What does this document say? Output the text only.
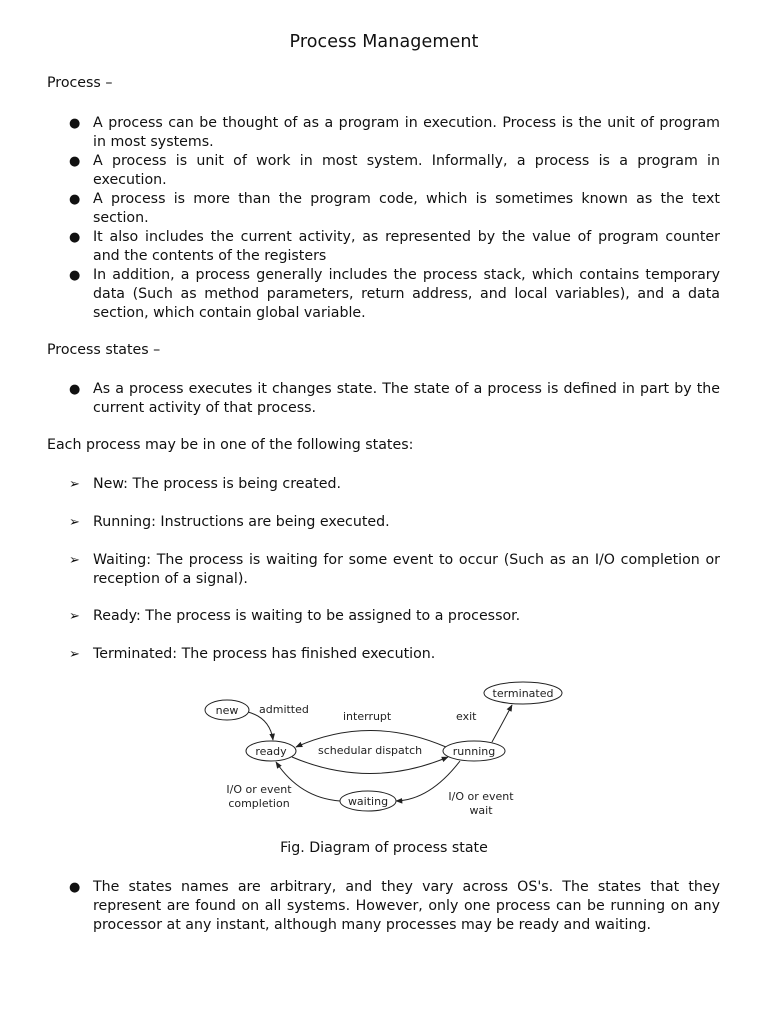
Process Management
Process –
● A process can be thought of as a program in execution. Process is the unit of program in most systems.
● A process is unit of work in most system. Informally, a process is a program in execution.
● A process is more than the program code, which is sometimes known as the text section.
● It also includes the current activity, as represented by the value of program counter and the contents of the registers
● In addition, a process generally includes the process stack, which contains temporary data (Such as method parameters, return address, and local variables), and a data section, which contain global variable.
Process states –
● As a process executes it changes state. The state of a process is defined in part by the current activity of that process.
Each process may be in one of the following states:
➢ New: The process is being created.
➢ Running: Instructions are being executed.
➢ Waiting: The process is waiting for some event to occur (Such as an I/O completion or reception of a signal).
➢ Ready: The process is waiting to be assigned to a processor.
➢ Terminated: The process has finished execution.
new
ready	running
waiting
terminated
admitted
interrupt	exit
schedular dispatch
I/O or event
completion
I/O or event
wait
Fig. Diagram of process state
● The states names are arbitrary, and they vary across OS's. The states that they represent are found on all systems. However, only one process can be running on any processor at any instant, although many processes may be ready and waiting.
